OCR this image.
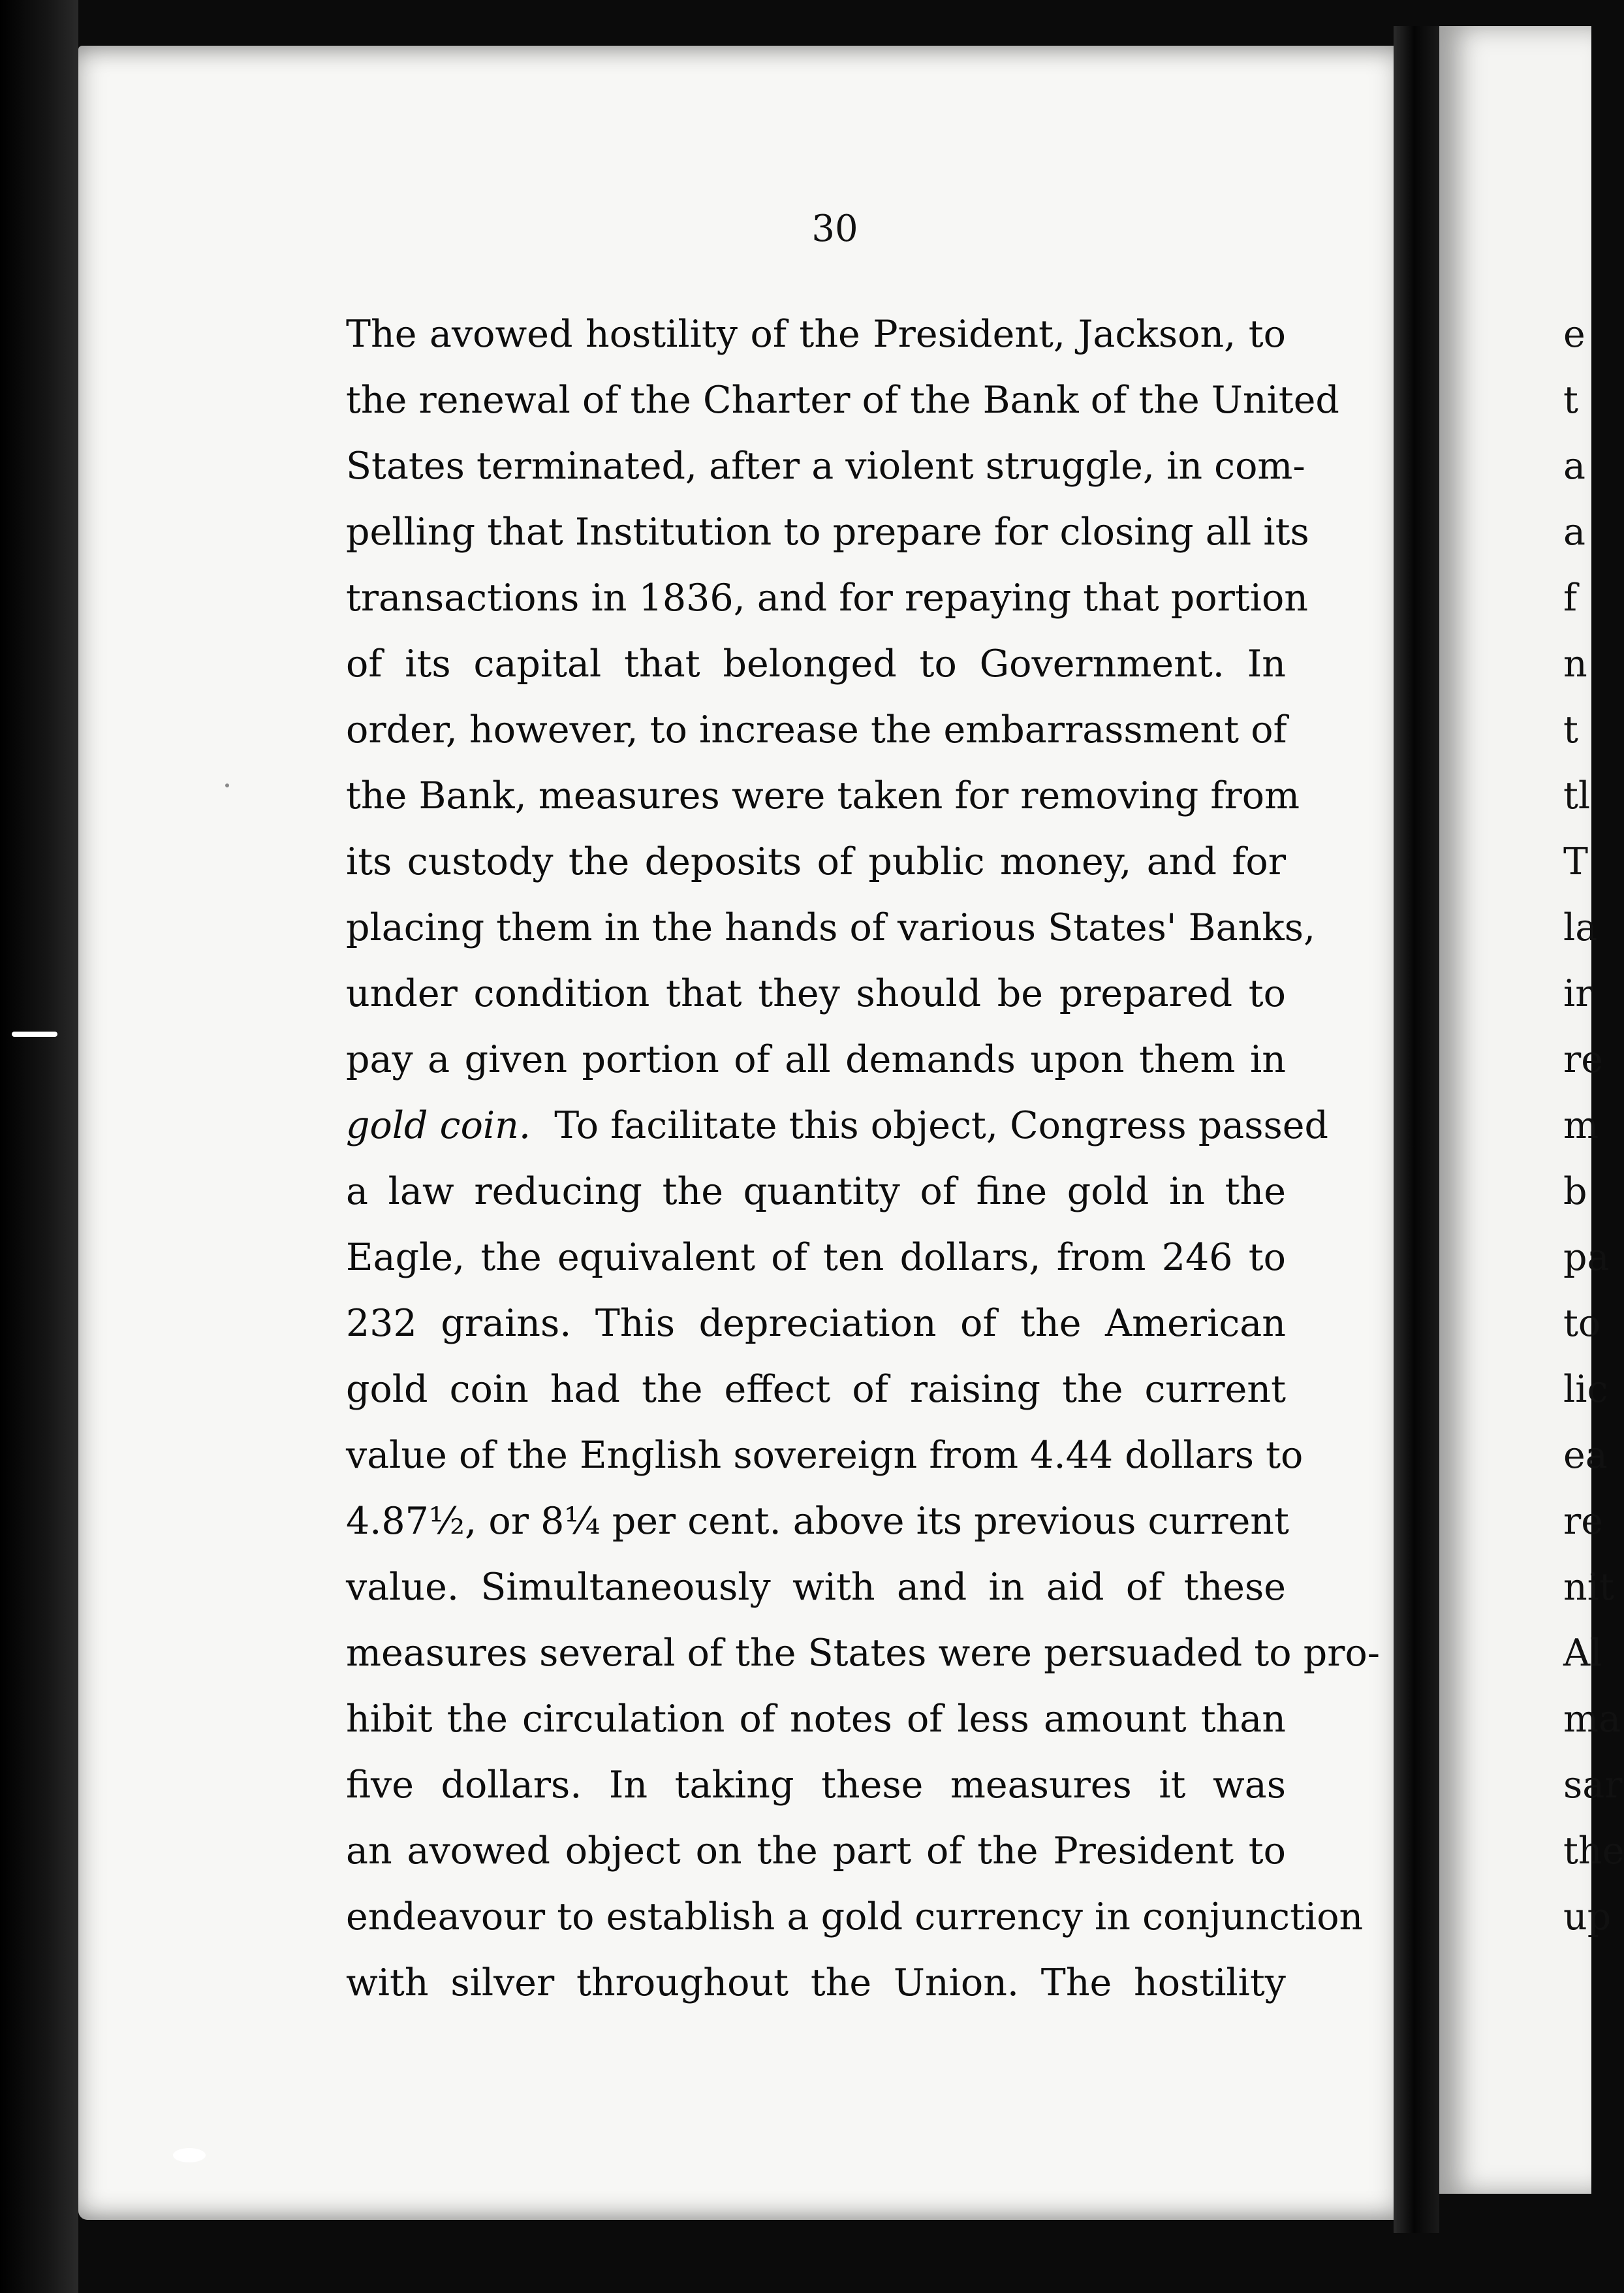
30
The avowed hostility of the President, Jackson, to
the renewal of the Charter of the Bank of the United
States terminated, after a violent struggle, in com-
pelling that Institution to prepare for closing all its
transactions in 1836, and for repaying that portion
of its capital that belonged to Government. In
order, however, to increase the embarrassment of
the Bank, measures were taken for removing from
its custody the deposits of public money, and for
placing them in the hands of various States' Banks,
under condition that they should be prepared to
pay a given portion of all demands upon them in
gold coin. To facilitate this object, Congress passed
a law reducing the quantity of fine gold in the
Eagle, the equivalent of ten dollars, from 246 to
232 grains. This depreciation of the American
gold coin had the effect of raising the current
value of the English sovereign from 4.44 dollars to
4.87½, or 8¼ per cent. above its previous current
value. Simultaneously with and in aid of these
measures several of the States were persuaded to pro-
hibit the circulation of notes of less amount than
five dollars. In taking these measures it was
an avowed object on the part of the President to
endeavour to establish a gold currency in conjunction
with silver throughout the Union. The hostility
e
t
a
a
f
n
t
tl
T
la
ir
re
m
b
pa
to
lic
ea
re
nit
Al
ma
sar
the
up
